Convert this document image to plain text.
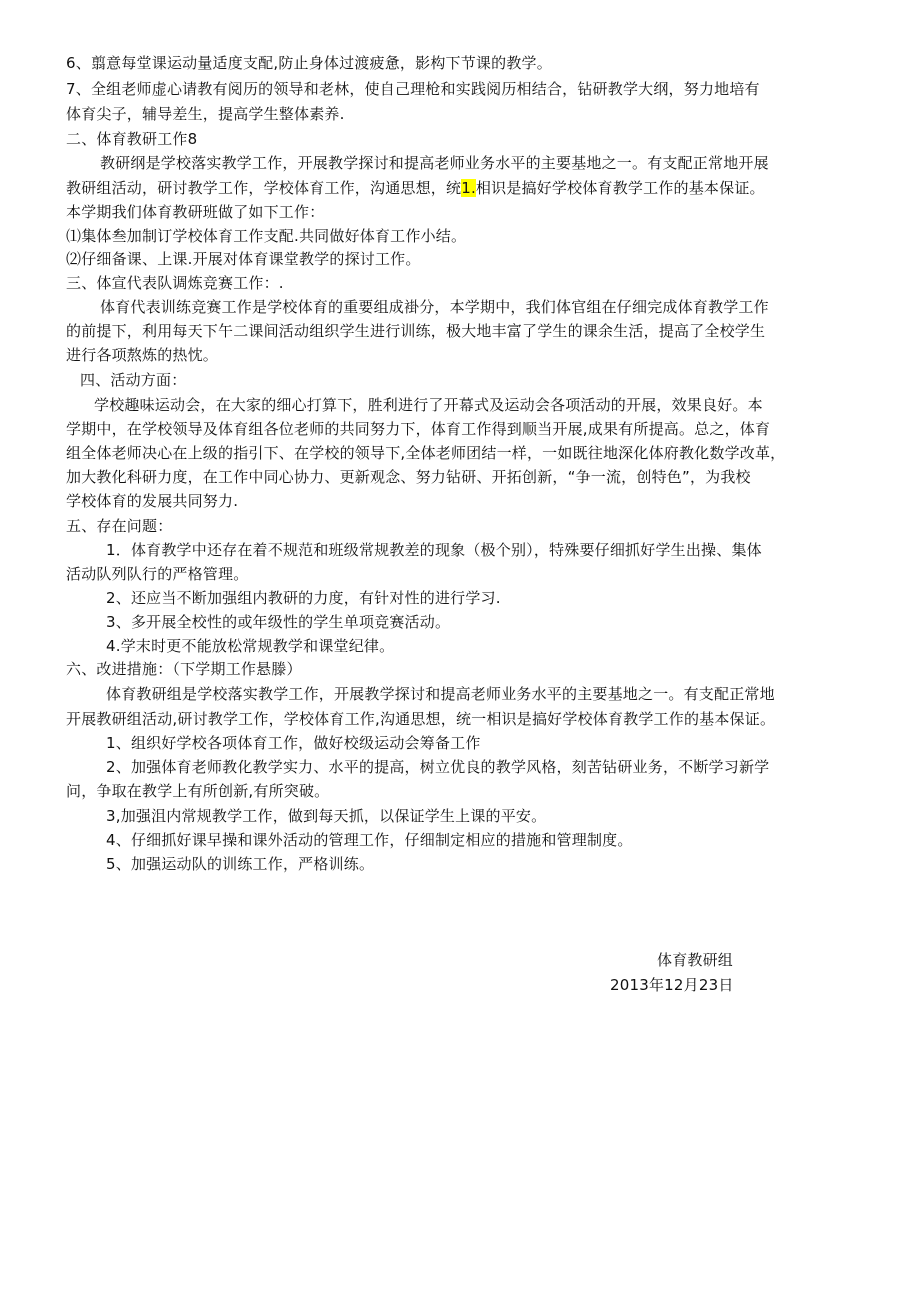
6、翦意每堂课运动量适度支配,防止身体过渡疲惫，影构下节课的教学。
7、全组老师虚心请教有阅历的领导和老林，使自己理枪和实践阅历相结合，钻研教学大纲，努力地培有
体育尖子，辅导差生，提高学生整体素养.
二、体育教研工作8
教研纲是学校落实教学工作，开展教学探讨和提高老师业务水平的主要基地之一。有支配正常地开展
教研组活动，研讨教学工作，学校体育工作，沟通思想，统1.相识是搞好学校体育教学工作的基本保证。
本学期我们体育教研班做了如下工作：
⑴集体叁加制订学校体育工作支配.共同做好体育工作小结。
⑵仔细备课、上课.开展对体育课堂教学的探讨工作。
三、体宣代表队调炼竞赛工作：.
体育代表训练竞赛工作是学校体育的重要组成褂分，本学期中，我们体官组在仔细完成体育教学工作
的前提下，利用每天下午二课间活动组织学生进行训练，极大地丰富了学生的课余生活，提高了全校学生
进行各项熬炼的热忱。
四、活动方面：
学校趣味运动会，在大家的细心打算下，胜利进行了开幕式及运动会各项活动的开展，效果良好。本
学期中，在学校领导及体育组各位老师的共同努力下，体育工作得到顺当开展,成果有所提高。总之，体育
组全体老师决心在上级的指引下、在学校的领导下,全体老师团结一样，一如既往地深化体府教化数学改革，
加大教化科研力度，在工作中同心协力、更新观念、努力钻研、开拓创新，“争一流，创特色”，为我校
学校体育的发展共同努力.
五、存在问题：
1．体育教学中还存在着不规范和班级常规教差的现象（极个别），特殊要仔细抓好学生出操、集体
活动队列队行的严格管理。
2、还应当不断加强组内教研的力度，有针对性的进行学习.
3、多开展全校性的或年级性的学生单项竞赛活动。
4.学末时更不能放松常规教学和课堂纪律。
六、改进措施：（下学期工作悬滕）
体育教研组是学校落实教学工作，开展教学探讨和提高老师业务水平的主要基地之一。有支配正常地
开展教研组活动,研讨教学工作，学校体育工作,沟通思想，统一相识是搞好学校体育教学工作的基本保证。
1、组织好学校各项体育工作，做好校级运动会筹备工作
2、加强体育老师教化教学实力、水平的提高，树立优良的教学风格，刻苦钻研业务，不断学习新学
问，争取在教学上有所创新,有所突破。
3,加强沮内常规教学工作，做到每天抓，以保证学生上课的平安。
4、仔细抓好课早操和课外活动的管理工作，仔细制定相应的措施和管理制度。
5、加强运动队的训练工作，严格训练。
体育教研组
2013年12月23日
